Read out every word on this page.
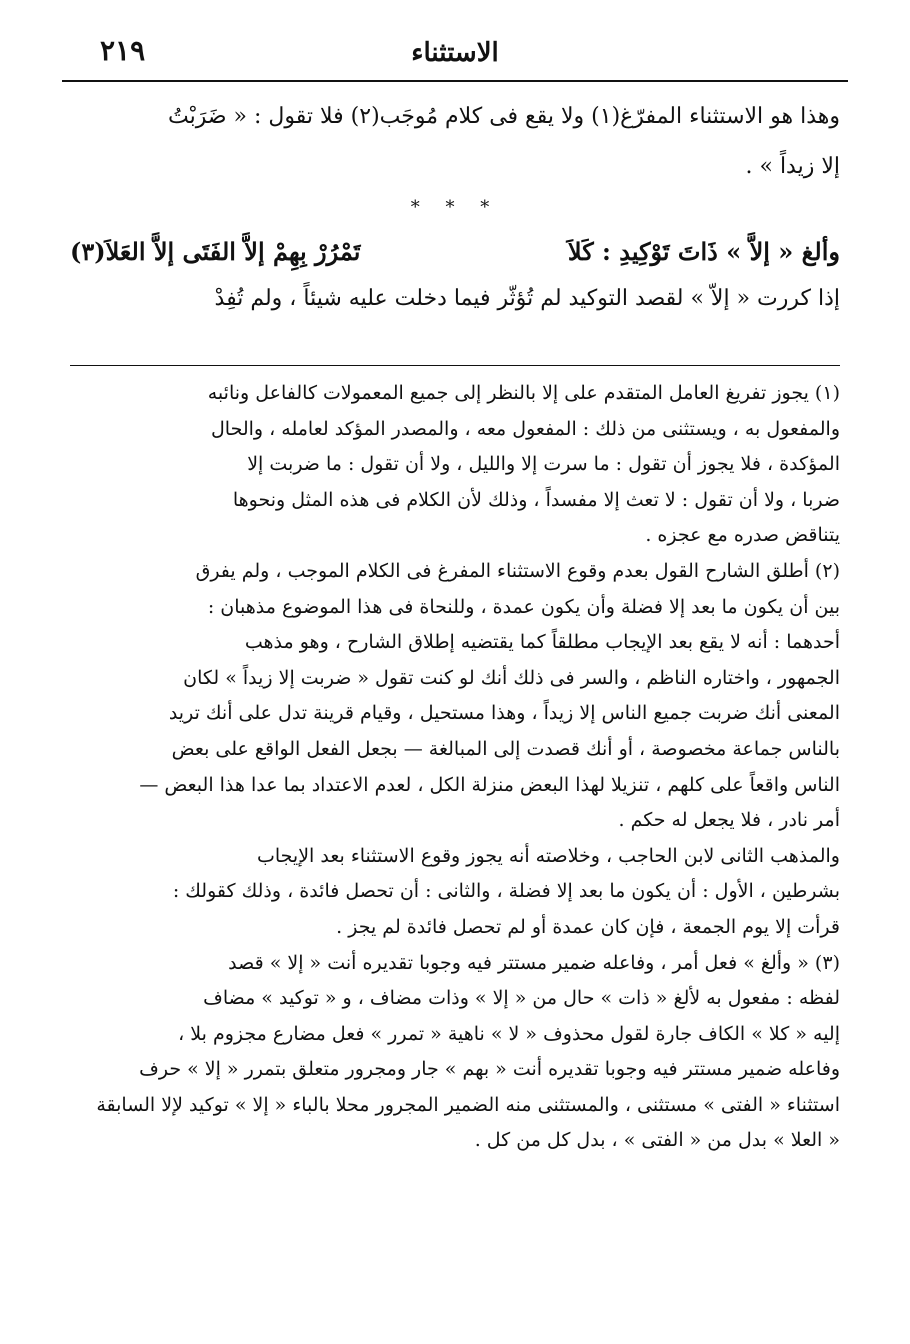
الاستثناء
٢١٩

وهذا هو الاستثناء المفرّغ(١) ولا يقع فى كلام مُوجَب(٢) فلا تقول : « ضَرَبْتُ

إلا زيداً » .

* * *
وألغ « إلاَّ » ذَاتَ تَوْكِيدِ : كَلاَ
تَمْرُرْ بِهِمْ إلاَّ الفَتَى إلاَّ العَلاَ(٣)

إذا كررت « إلاّ » لقصد التوكيد لم تُؤثّر فيما دخلت عليه شيئاً ، ولم تُفِدْ

(١) يجوز تفريغ العامل المتقدم على إلا بالنظر إلى جميع المعمولات كالفاعل ونائبه

والمفعول به ، ويستثنى من ذلك : المفعول معه ، والمصدر المؤكد لعامله ، والحال

المؤكدة ، فلا يجوز أن تقول : ما سرت إلا والليل ، ولا أن تقول : ما ضربت إلا

ضربا ، ولا أن تقول : لا تعث إلا مفسداً ، وذلك لأن الكلام فى هذه المثل ونحوها

يتناقض صدره مع عجزه .

(٢) أطلق الشارح القول بعدم وقوع الاستثناء المفرغ فى الكلام الموجب ، ولم يفرق

بين أن يكون ما بعد إلا فضلة وأن يكون عمدة ، وللنحاة فى هذا الموضوع مذهبان :

أحدهما : أنه لا يقع بعد الإيجاب مطلقاً كما يقتضيه إطلاق الشارح ، وهو مذهب

الجمهور ، واختاره الناظم ، والسر فى ذلك أنك لو كنت تقول « ضربت إلا زيداً » لكان

المعنى أنك ضربت جميع الناس إلا زيداً ، وهذا مستحيل ، وقيام قرينة تدل على أنك تريد

بالناس جماعة مخصوصة ، أو أنك قصدت إلى المبالغة — بجعل الفعل الواقع على بعض

الناس واقعاً على كلهم ، تنزيلا لهذا البعض منزلة الكل ، لعدم الاعتداد بما عدا هذا البعض —

أمر نادر ، فلا يجعل له حكم .

والمذهب الثانى لابن الحاجب ، وخلاصته أنه يجوز وقوع الاستثناء بعد الإيجاب

بشرطين ، الأول : أن يكون ما بعد إلا فضلة ، والثانى : أن تحصل فائدة ، وذلك كقولك :

قرأت إلا يوم الجمعة ، فإن كان عمدة أو لم تحصل فائدة لم يجز .

(٣) « وألغ » فعل أمر ، وفاعله ضمير مستتر فيه وجوبا تقديره أنت « إلا » قصد

لفظه : مفعول به لألغ « ذات » حال من « إلا » وذات مضاف ، و « توكيد » مضاف

إليه « كلا » الكاف جارة لقول محذوف « لا » ناهية « تمرر » فعل مضارع مجزوم بلا ،

وفاعله ضمير مستتر فيه وجوبا تقديره أنت « بهم » جار ومجرور متعلق بتمرر « إلا » حرف

استثناء « الفتى » مستثنى ، والمستثنى منه الضمير المجرور محلا بالباء « إلا » توكيد لإلا السابقة

« العلا » بدل من « الفتى » ، بدل كل من كل .
